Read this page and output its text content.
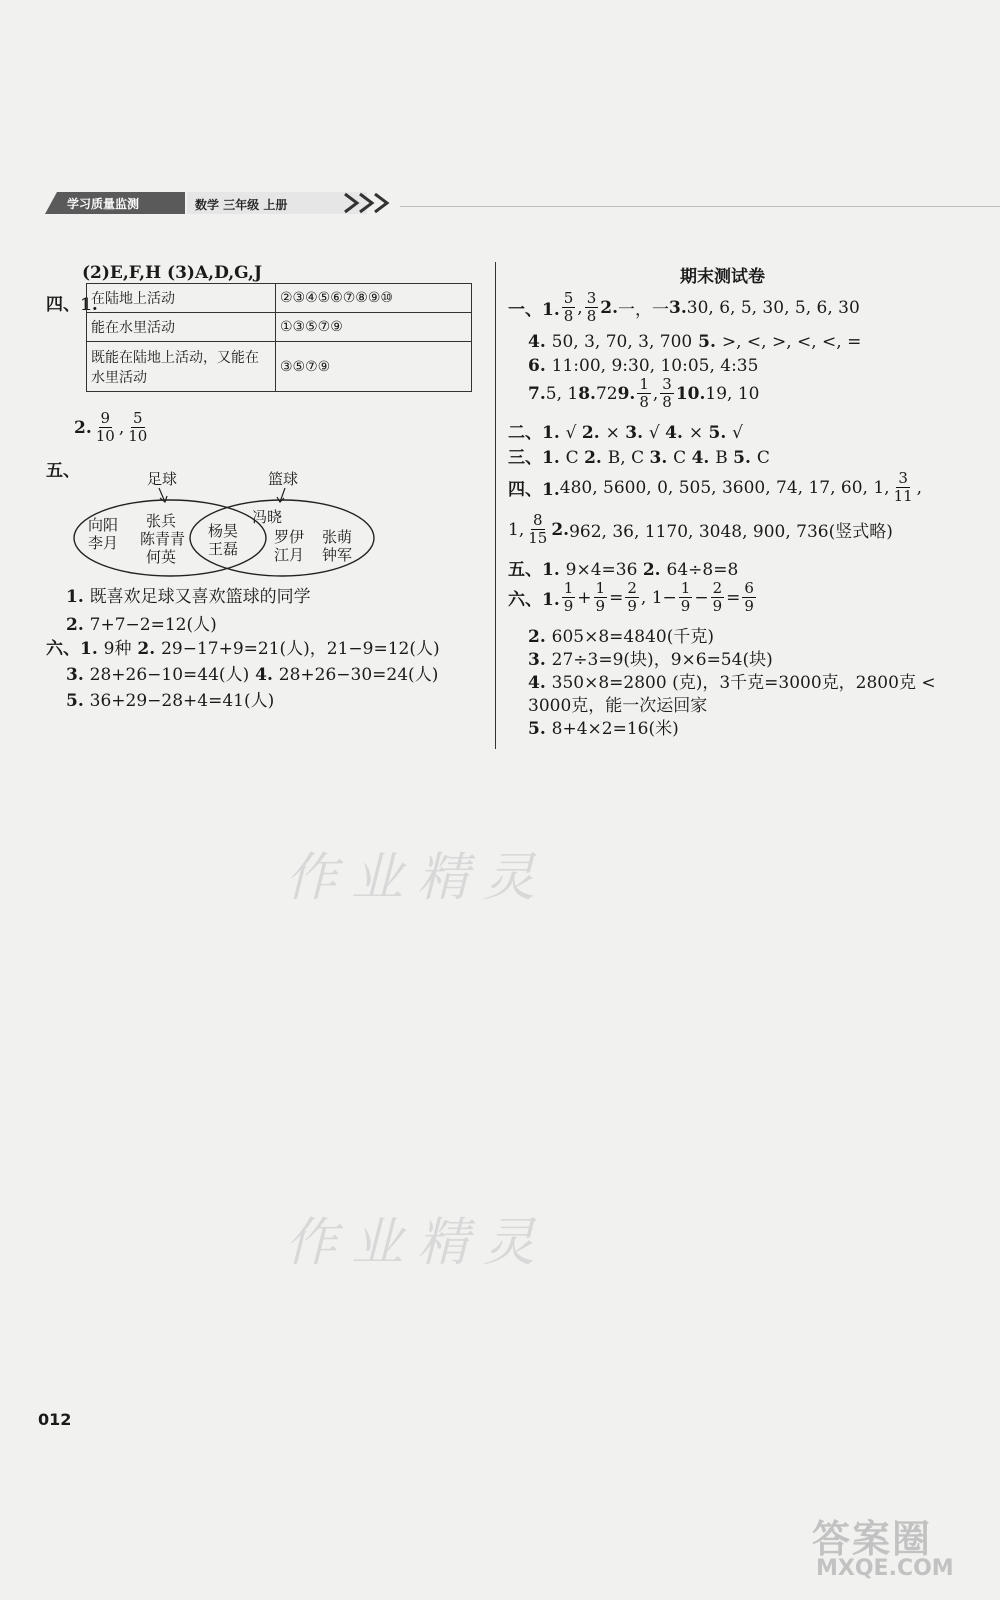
学习质量监测	数学 三年级 上册
(2)E,F,H (3)A,D,G,J
四、1.
在陆地上活动	②③④⑤⑥⑦⑧⑨⑩
能在水里活动	①③⑤⑦⑨
既能在陆地上活动，又能在水里活动	③⑤⑦⑨
2. $\frac{9}{10}$ , $\frac{5}{10}$
五、	足球	篮球
向阳
李月
张兵
陈青青
何英
杨昊
王磊
冯晓
罗伊
江月
张萌
钟军
1. 既喜欢足球又喜欢篮球的同学
2. 7+7−2=12(人)
六、1. 9种 2. 29−17+9=21(人)，21−9=12(人)
3. 28+26−10=44(人) 4. 28+26−30=24(人)
5. 36+29−28+4=41(人)
期末测试卷
一、1. $\frac{5}{8}$ , $\frac{3}{8} 2$. 一，一 3. 30, 6, 5, 30, 5, 6, 30
4. 50, 3, 70, 3, 700 5. >, <, >, <, <, =
6. 11:00, 9:30, 10:05, 4:35
7. 5, 1 8. 72 9. $\frac{1}{8}$ , $\frac{3}{8} 10$. 19, 10
二、1. √ 2. × 3. √ 4. × 5. √
三、1. C 2. B, C 3. C 4. B 5. C
四、1. 480, 5600, 0, 505, 3600, 74, 17, 60, 1, $\frac{3}{11}$ ,
1, $\frac{8}{15} 2$. 962, 36, 1170, 3048, 900, 736(竖式略)
五、1. 9×4=36 2. 64÷8=8
六、1. $\frac{1}{9} + \frac{1}{9} = \frac{2}{9}$ , $1- \frac{1}{9} - \frac{2}{9} = \frac{6}{9}$
2. 605×8=4840(千克)
3. 27÷3=9(块)，9×6=54(块)
4. 350×8=2800 (克)，3千克=3000克，2800克 <
3000克，能一次运回家
5. 8+4×2=16(米)
作业精灵
作业精灵
012
答案圈
MXQE.COM
